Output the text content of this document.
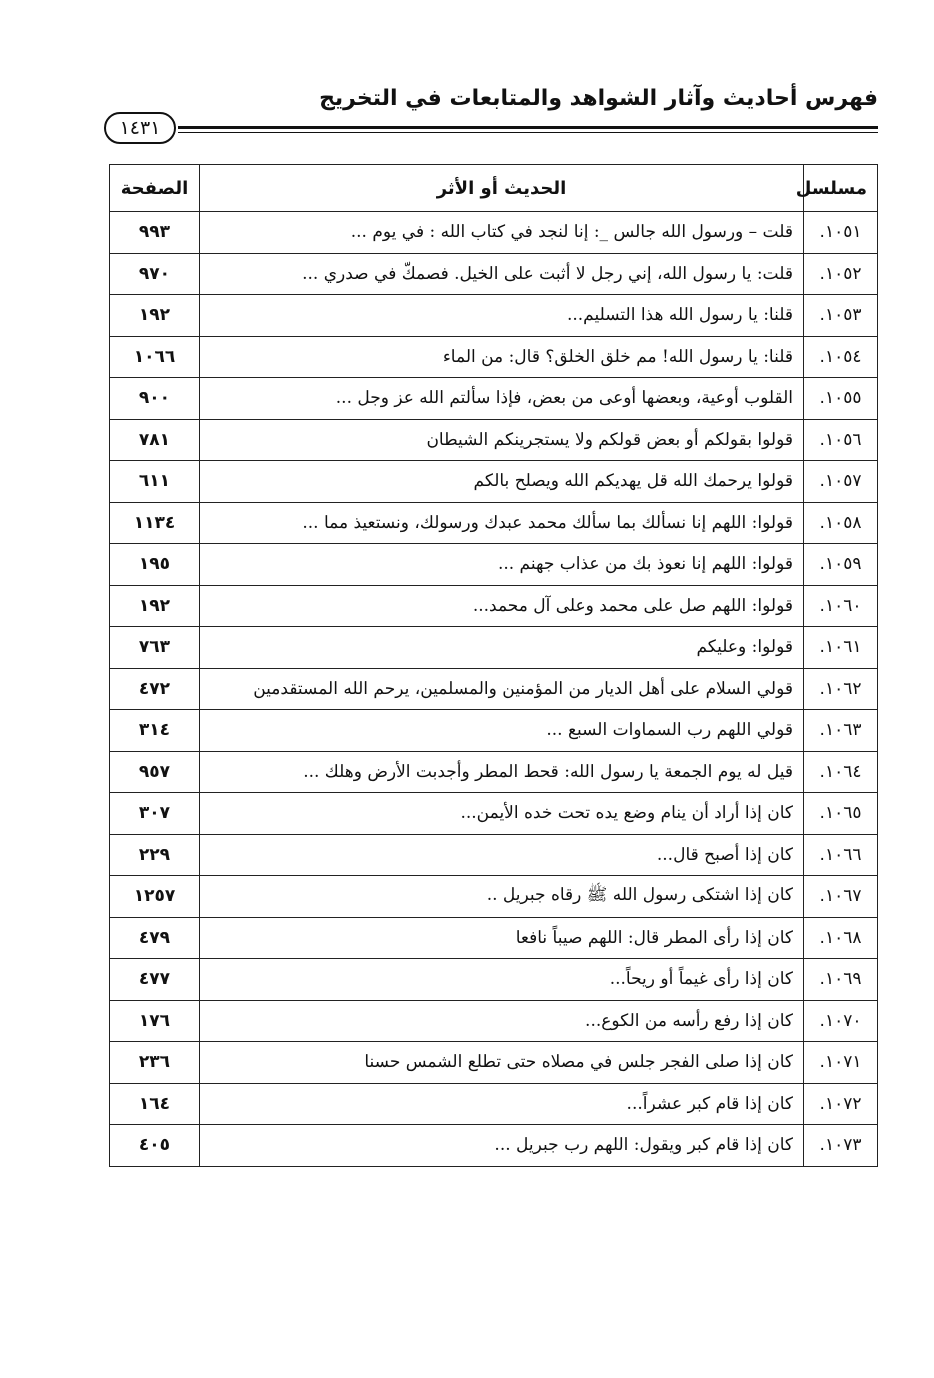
١٤٣١
فهرس أحاديث وآثار الشواهد والمتابعات في التخريج
مسلسل	الحديث أو الأثر	الصفحة
١٠٥١.	قلت – ورسول الله جالس _: إنا لنجد في كتاب الله : في يوم ...	٩٩٣
١٠٥٢.	قلت: يا رسول الله، إني رجل لا أثبت على الخيل. فصمكّ في صدري ...	٩٧٠
١٠٥٣.	قلنا: يا رسول الله هذا التسليم...	١٩٢
١٠٥٤.	قلنا: يا رسول الله! مم خلق الخلق؟ قال: من الماء	١٠٦٦
١٠٥٥.	القلوب أوعية، وبعضها أوعى من بعض، فإذا سألتم الله عز وجل ...	٩٠٠
١٠٥٦.	قولوا بقولكم أو بعض قولكم ولا يستجرينكم الشيطان	٧٨١
١٠٥٧.	قولوا يرحمك الله قل يهديكم الله ويصلح بالكم	٦١١
١٠٥٨.	قولوا: اللهم إنا نسألك بما سألك محمد عبدك ورسولك، ونستعيذ مما ...	١١٣٤
١٠٥٩.	قولوا: اللهم إنا نعوذ بك من عذاب جهنم ...	١٩٥
١٠٦٠.	قولوا: اللهم صل على محمد وعلى آل محمد...	١٩٢
١٠٦١.	قولوا: وعليكم	٧٦٣
١٠٦٢.	قولي السلام على أهل الديار من المؤمنين والمسلمين، يرحم الله المستقدمين	٤٧٢
١٠٦٣.	قولي اللهم رب السماوات السبع ...	٣١٤
١٠٦٤.	قيل له يوم الجمعة يا رسول الله: قحط المطر وأجدبت الأرض وهلك ...	٩٥٧
١٠٦٥.	كان إذا أراد أن ينام وضع يده تحت خده الأيمن...	٣٠٧
١٠٦٦.	كان إذا أصبح قال...	٢٢٩
١٠٦٧.	كان إذا اشتكى رسول الله ﷺ رقاه جبريل ..	١٢٥٧
١٠٦٨.	كان إذا رأى المطر قال: اللهم صيباً نافعا	٤٧٩
١٠٦٩.	كان إذا رأى غيماً أو ريحاً...	٤٧٧
١٠٧٠.	كان إذا رفع رأسه من الكوع...	١٧٦
١٠٧١.	كان إذا صلى الفجر جلس في مصلاه حتى تطلع الشمس حسنا	٢٣٦
١٠٧٢.	كان إذا قام كبر عشراً...	١٦٤
١٠٧٣.	كان إذا قام كبر ويقول: اللهم رب جبريل ...	٤٠٥
